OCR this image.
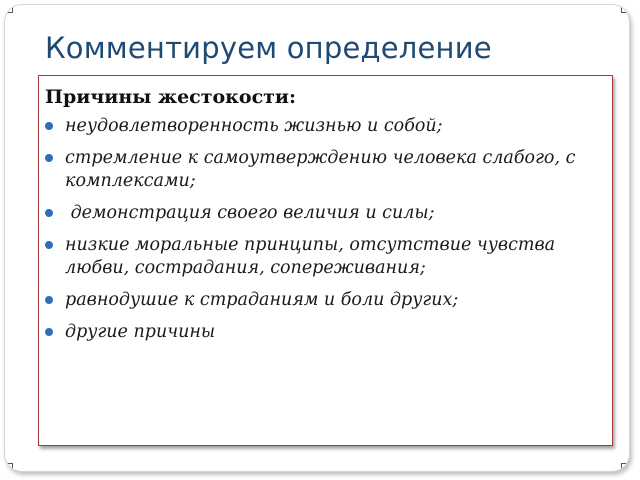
Комментируем определение
Причины жестокости:
неудовлетворенность жизнью и собой;
стремление к самоутверждению человека слабого, с комплексами;
демонстрация своего величия и силы;
низкие моральные принципы, отсутствие чувства любви, сострадания, сопереживания;
равнодушие к страданиям и боли других;
другие причины
